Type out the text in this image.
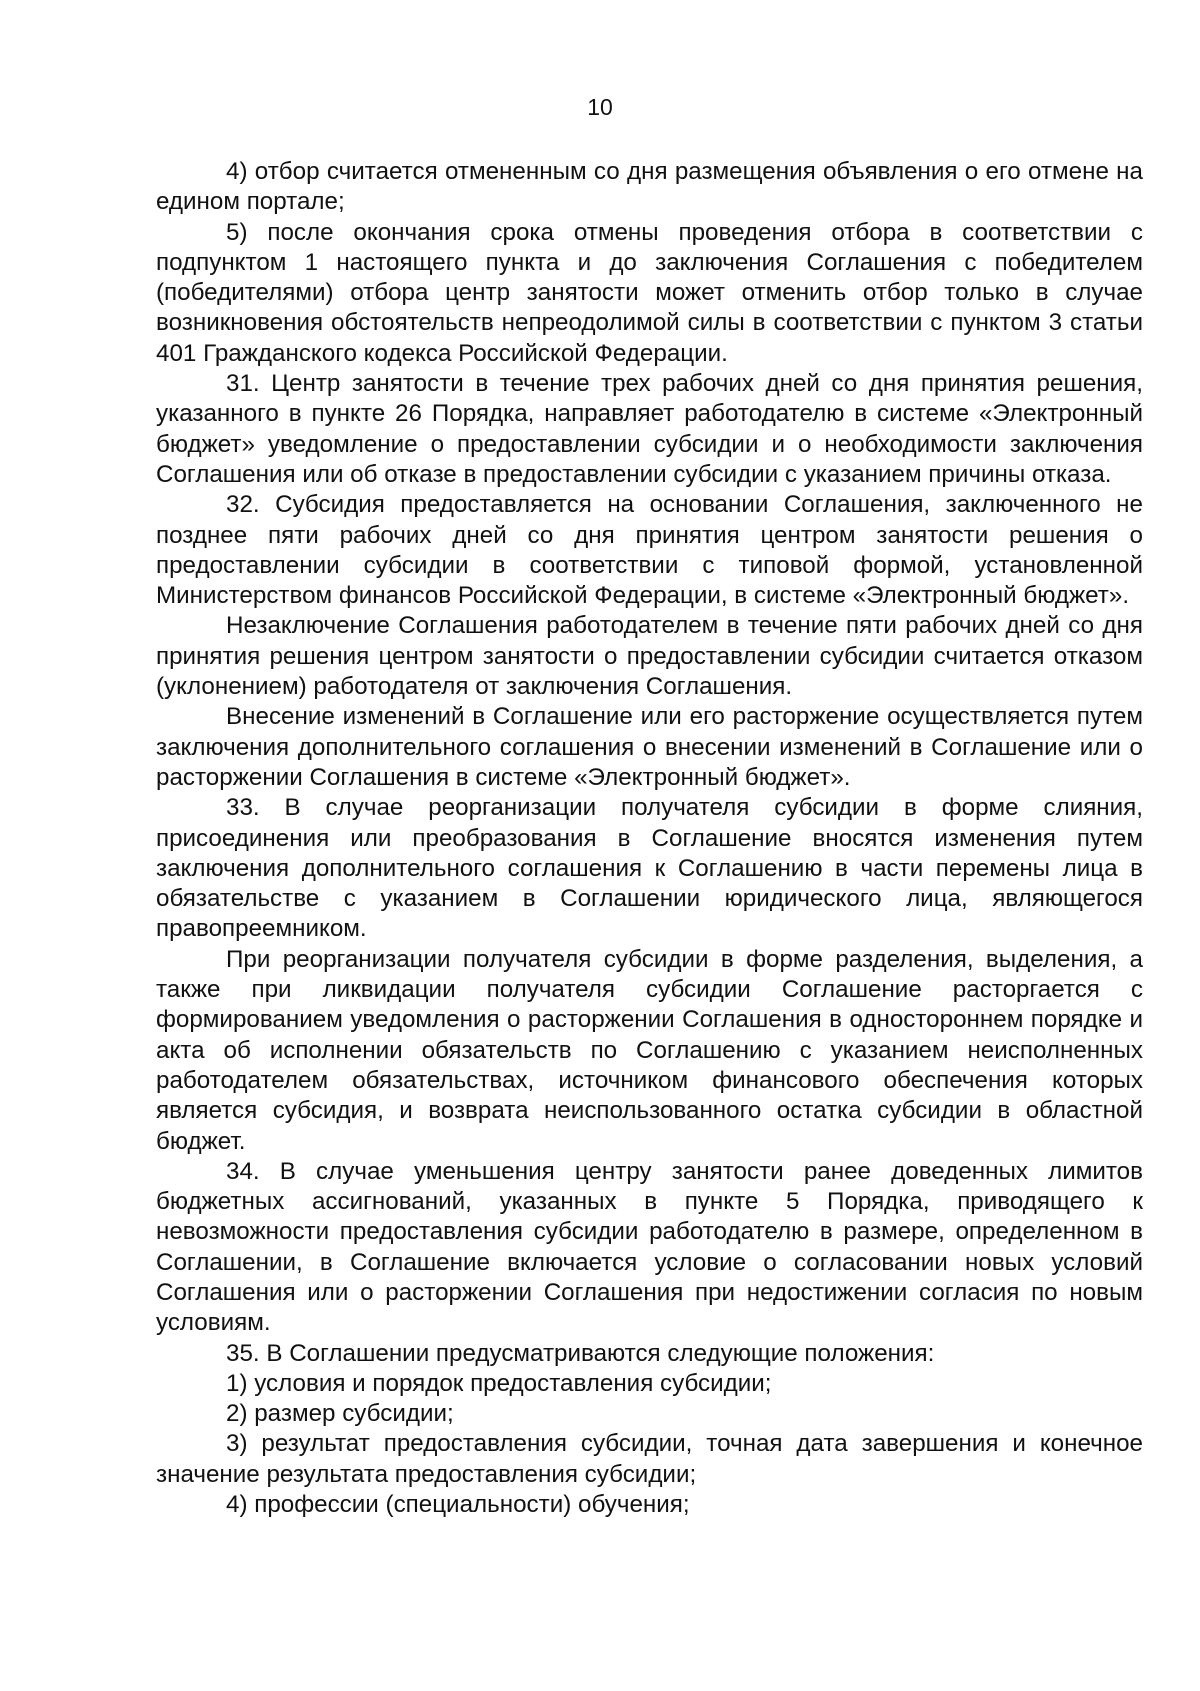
10

4) отбор считается отмененным со дня размещения объявления о его отмене на едином портале;

5) после окончания срока отмены проведения отбора в соответствии с подпунктом 1 настоящего пункта и до заключения Соглашения с победителем (победителями) отбора центр занятости может отменить отбор только в случае возникновения обстоятельств непреодолимой силы в соответствии с пунктом 3 статьи 401 Гражданского кодекса Российской Федерации.

31. Центр занятости в течение трех рабочих дней со дня принятия решения, указанного в пункте 26 Порядка, направляет работодателю в системе «Электронный бюджет» уведомление о предоставлении субсидии и о необходимости заключения Соглашения или об отказе в предоставлении субсидии с указанием причины отказа.

32. Субсидия предоставляется на основании Соглашения, заключенного не позднее пяти рабочих дней со дня принятия центром занятости решения о предоставлении субсидии в соответствии с типовой формой, установленной Министерством финансов Российской Федерации, в системе «Электронный бюджет».

Незаключение Соглашения работодателем в течение пяти рабочих дней со дня принятия решения центром занятости о предоставлении субсидии считается отказом (уклонением) работодателя от заключения Соглашения.

Внесение изменений в Соглашение или его расторжение осуществляется путем заключения дополнительного соглашения о внесении изменений в Соглашение или о расторжении Соглашения в системе «Электронный бюджет».

33. В случае реорганизации получателя субсидии в форме слияния, присоединения или преобразования в Соглашение вносятся изменения путем заключения дополнительного соглашения к Соглашению в части перемены лица в обязательстве с указанием в Соглашении юридического лица, являющегося правопреемником.

При реорганизации получателя субсидии в форме разделения, выделения, а также при ликвидации получателя субсидии Соглашение расторгается с формированием уведомления о расторжении Соглашения в одностороннем порядке и акта об исполнении обязательств по Соглашению с указанием неисполненных работодателем обязательствах, источником финансового обеспечения которых является субсидия, и возврата неиспользованного остатка субсидии в областной бюджет.

34. В случае уменьшения центру занятости ранее доведенных лимитов бюджетных ассигнований, указанных в пункте 5 Порядка, приводящего к невозможности предоставления субсидии работодателю в размере, определенном в Соглашении, в Соглашение включается условие о согласовании новых условий Соглашения или о расторжении Соглашения при недостижении согласия по новым условиям.

35. В Соглашении предусматриваются следующие положения:

1) условия и порядок предоставления субсидии;

2) размер субсидии;

3) результат предоставления субсидии, точная дата завершения и конечное значение результата предоставления субсидии;

4) профессии (специальности) обучения;
